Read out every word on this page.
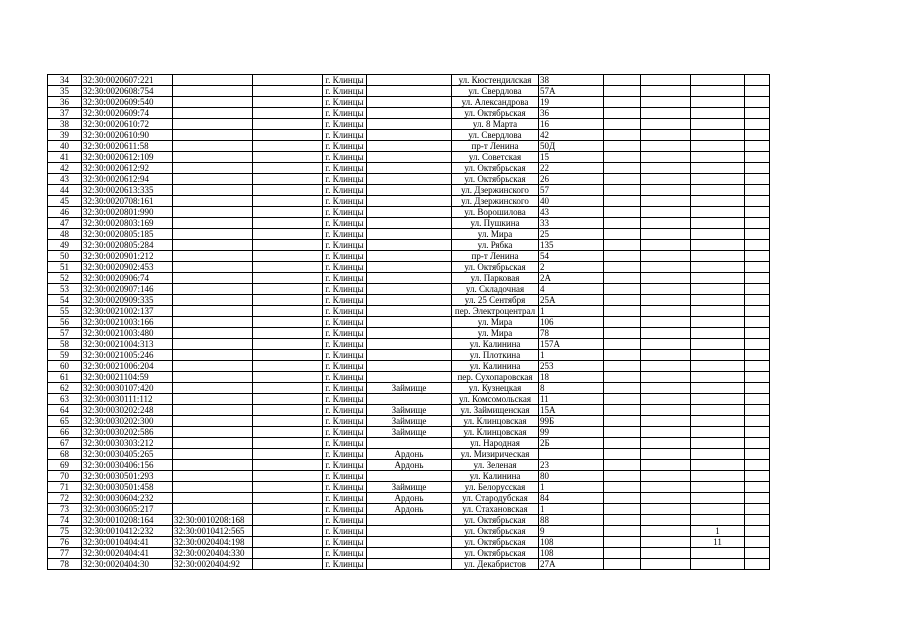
34	32:30:0020607:221			г. Клинцы		ул. Кюстендилская	38				
35	32:30:0020608:754			г. Клинцы		ул. Свердлова	57А				
36	32:30:0020609:540			г. Клинцы		ул. Александрова	19				
37	32:30:0020609:74			г. Клинцы		ул. Октябрьская	36				
38	32:30:0020610:72			г. Клинцы		ул. 8 Марта	16				
39	32:30:0020610:90			г. Клинцы		ул. Свердлова	42				
40	32:30:0020611:58			г. Клинцы		пр-т Ленина	50Д				
41	32:30:0020612:109			г. Клинцы		ул. Советская	15				
42	32:30:0020612:92			г. Клинцы		ул. Октябрьская	22				
43	32:30:0020612:94			г. Клинцы		ул. Октябрьская	26				
44	32:30:0020613:335			г. Клинцы		ул. Дзержинского	57				
45	32:30:0020708:161			г. Клинцы		ул. Дзержинского	40				
46	32:30:0020801:990			г. Клинцы		ул. Ворошилова	43				
47	32:30:0020803:169			г. Клинцы		ул. Пушкина	33				
48	32:30:0020805:185			г. Клинцы		ул. Мира	25				
49	32:30:0020805:284			г. Клинцы		ул. Рябка	135				
50	32:30:0020901:212			г. Клинцы		пр-т Ленина	54				
51	32:30:0020902:453			г. Клинцы		ул. Октябрьская	2				
52	32:30:0020906:74			г. Клинцы		ул. Парковая	2А				
53	32:30:0020907:146			г. Клинцы		ул. Складочная	4				
54	32:30:0020909:335			г. Клинцы		ул. 25 Сентября	25А				
55	32:30:0021002:137			г. Клинцы		пер. Электроцентрал	1				
56	32:30:0021003:166			г. Клинцы		ул. Мира	106				
57	32:30:0021003:480			г. Клинцы		ул. Мира	78				
58	32:30:0021004:313			г. Клинцы		ул. Калинина	157А				
59	32:30:0021005:246			г. Клинцы		ул. Плоткина	1				
60	32:30:0021006:204			г. Клинцы		ул. Калинина	253				
61	32:30:0021104:59			г. Клинцы		пер. Сухопаровская	18				
62	32:30:0030107:420			г. Клинцы	Займище	ул. Кузнецкая	8				
63	32:30:0030111:112			г. Клинцы		ул. Комсомольская	11				
64	32:30:0030202:248			г. Клинцы	Займище	ул. Займищенская	15А				
65	32:30:0030202:300			г. Клинцы	Займище	ул. Клинцовская	99Б				
66	32:30:0030202:586			г. Клинцы	Займище	ул. Клинцовская	99				
67	32:30:0030303:212			г. Клинцы		ул. Народная	2Б				
68	32:30:0030405:265			г. Клинцы	Ардонь	ул. Мизирическая					
69	32:30:0030406:156			г. Клинцы	Ардонь	ул. Зеленая	23				
70	32:30:0030501:293			г. Клинцы		ул. Калинина	80				
71	32:30:0030501:458			г. Клинцы	Займище	ул. Белорусская	1				
72	32:30:0030604:232			г. Клинцы	Ардонь	ул. Стародубская	84				
73	32:30:0030605:217			г. Клинцы	Ардонь	ул. Стахановская	1				
74	32:30:0010208:164	32:30:0010208:168		г. Клинцы		ул. Октябрьская	88				
75	32:30:0010412:232	32:30:0010412:565		г. Клинцы		ул. Октябрьская	9			1	
76	32:30:0010404:41	32:30:0020404:198		г. Клинцы		ул. Октябрьская	108			11	
77	32:30:0020404:41	32:30:0020404:330		г. Клинцы		ул. Октябрьская	108				
78	32:30:0020404:30	32:30:0020404:92		г. Клинцы		ул. Декабристов	27А				
